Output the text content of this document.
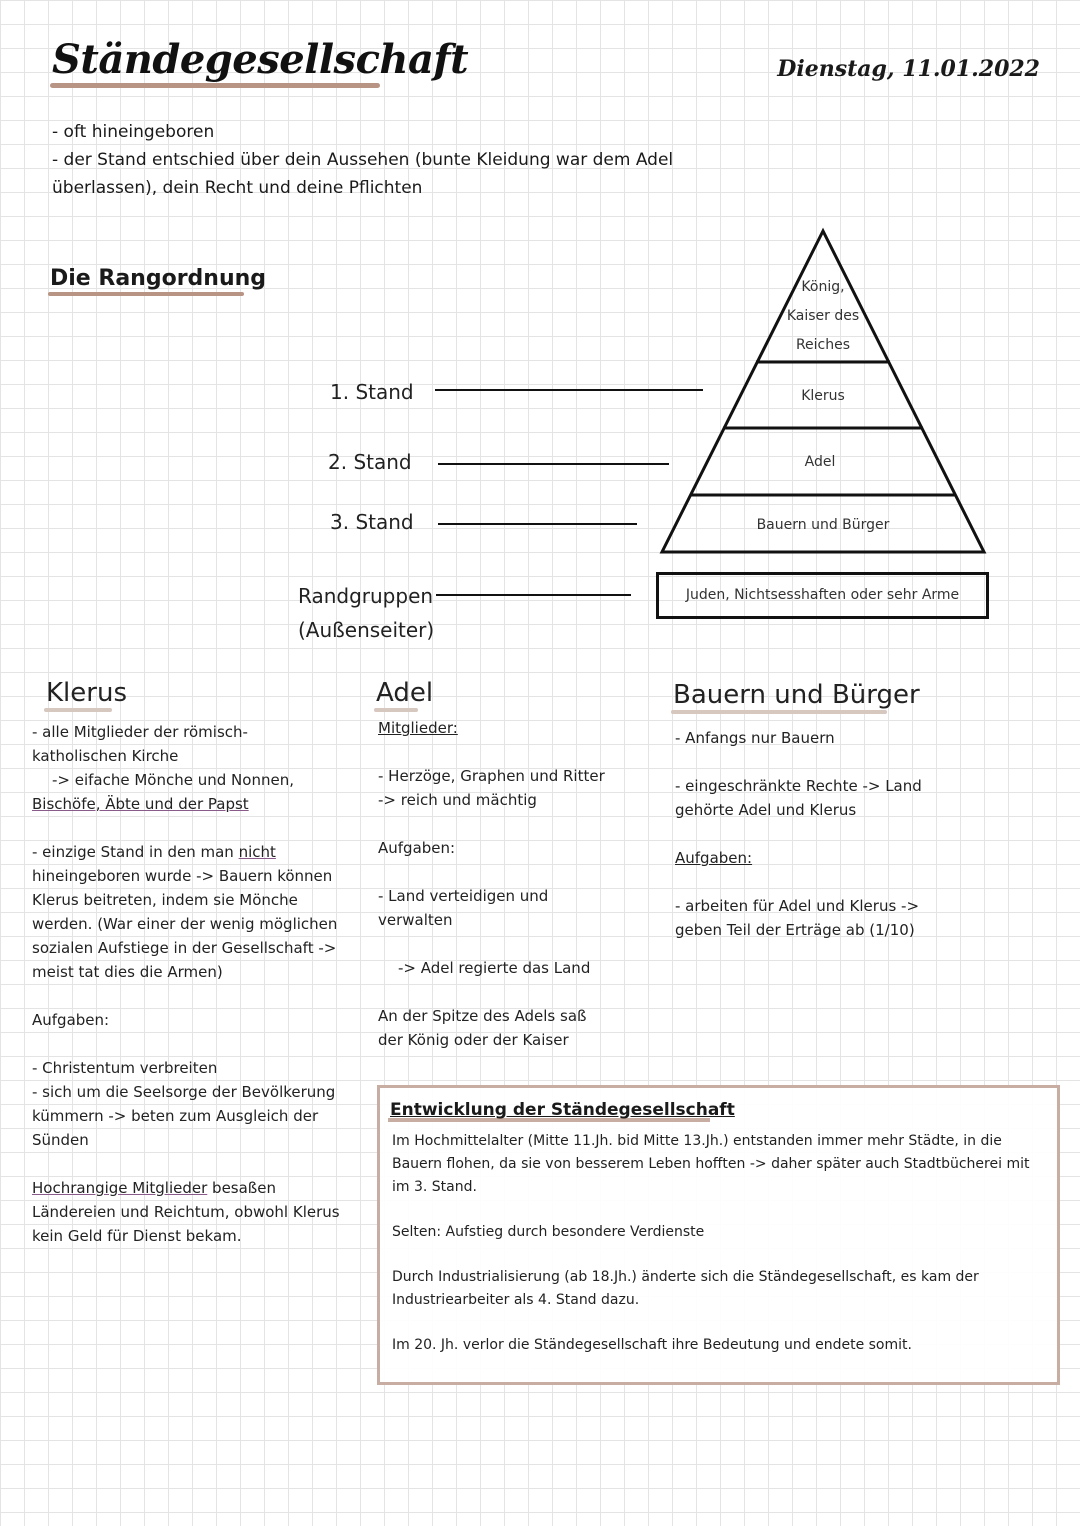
Ständegesellschaft	Dienstag, 11.01.2022
- oft hineingeboren
- der Stand entschied über dein Aussehen (bunte Kleidung war dem Adel
überlassen), dein Recht und deine Pflichten
Die Rangordnung
1. Stand
2. Stand
3. Stand
Randgruppen
(Außenseiter)
König,
Kaiser des
Reiches
Klerus
Adel
Bauern und Bürger
Juden, Nichtsesshaften oder sehr Arme
Klerus
- alle Mitglieder der römisch-
katholischen Kirche
-> eifache Mönche und Nonnen,
Bischöfe, Äbte und der Papst
- einzige Stand in den man nicht
hineingeboren wurde -> Bauern können
Klerus beitreten, indem sie Mönche
werden. (War einer der wenig möglichen
sozialen Aufstiege in der Gesellschaft ->
meist tat dies die Armen)
Aufgaben:
- Christentum verbreiten
- sich um die Seelsorge der Bevölkerung
kümmern -> beten zum Ausgleich der
Sünden
Hochrangige Mitglieder besaßen
Ländereien und Reichtum, obwohl Klerus
kein Geld für Dienst bekam.
Adel
Mitglieder:
- Herzöge, Graphen und Ritter
-> reich und mächtig
Aufgaben:
- Land verteidigen und
verwalten
-> Adel regierte das Land
An der Spitze des Adels saß
der König oder der Kaiser
Bauern und Bürger
- Anfangs nur Bauern
- eingeschränkte Rechte -> Land
gehörte Adel und Klerus
Aufgaben:
- arbeiten für Adel und Klerus ->
geben Teil der Erträge ab (1/10)
Entwicklung der Ständegesellschaft

Im Hochmittelalter (Mitte 11.Jh. bid Mitte 13.Jh.) entstanden immer mehr Städte, in die Bauern flohen, da sie von besserem Leben hofften -> daher später auch Stadtbücherei mit im 3. Stand.

Selten: Aufstieg durch besondere Verdienste

Durch Industrialisierung (ab 18.Jh.) änderte sich die Ständegesellschaft, es kam der Industriearbeiter als 4. Stand dazu.

Im 20. Jh. verlor die Ständegesellschaft ihre Bedeutung und endete somit.
